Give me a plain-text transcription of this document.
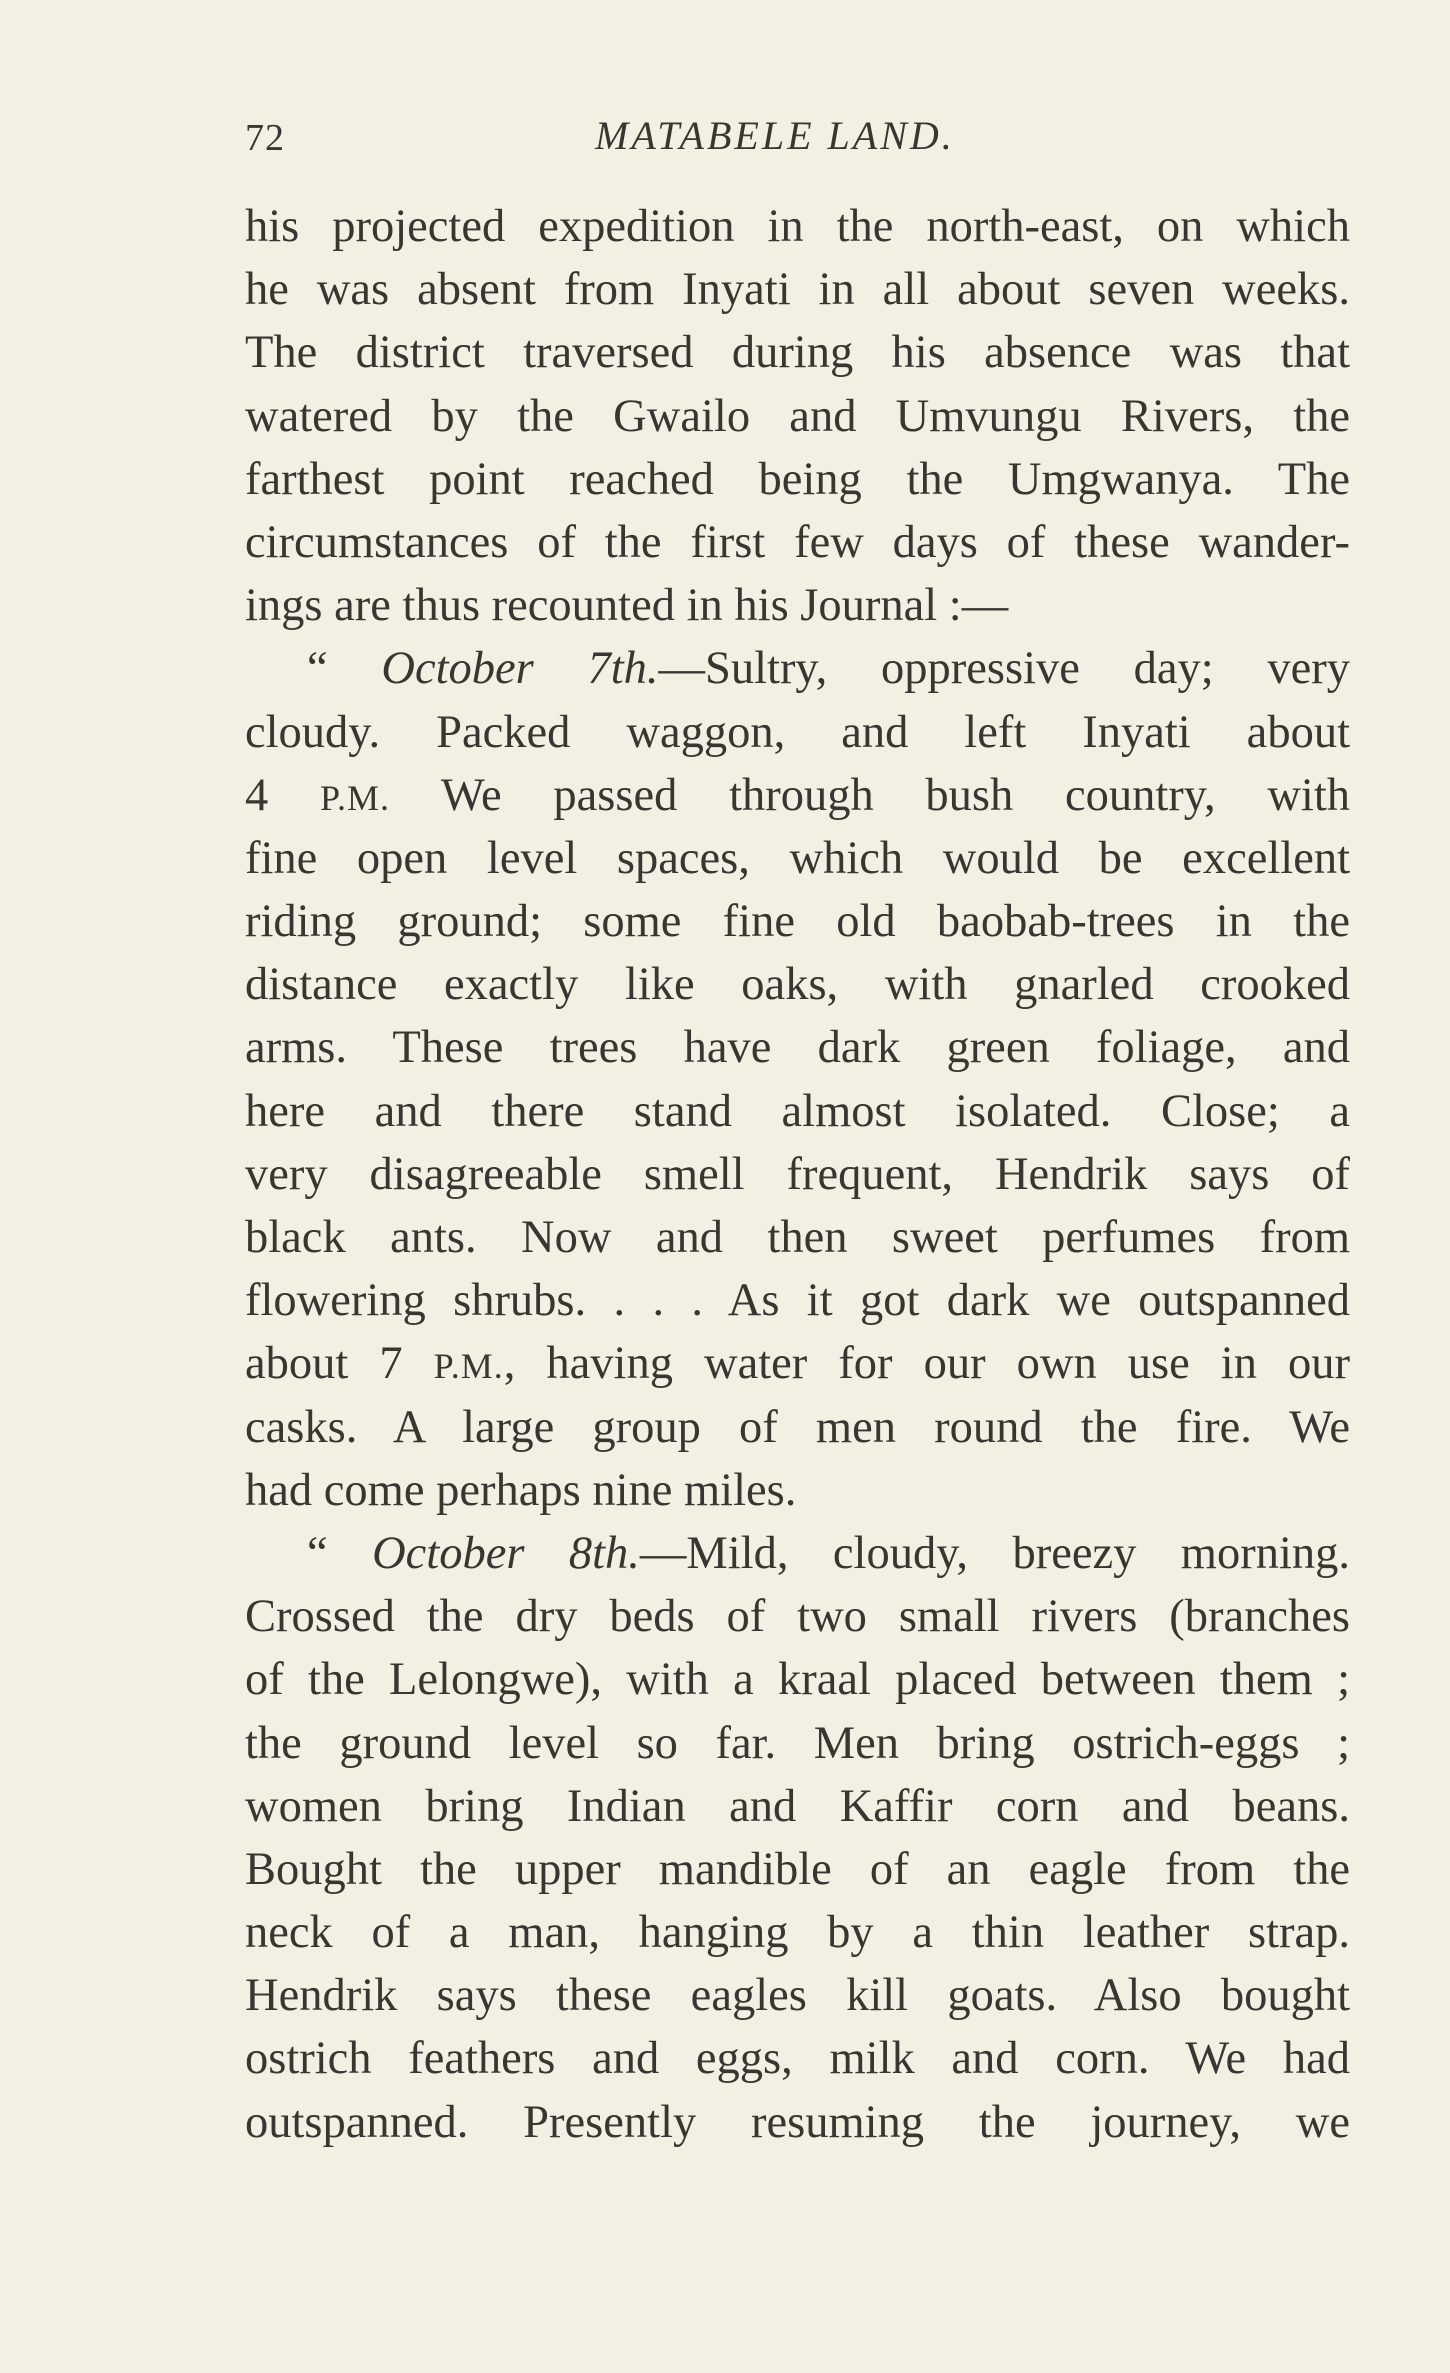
72	MATABELE LAND.
his projected expedition in the north-east, on which
he was absent from Inyati in all about seven weeks.
The district traversed during his absence was that
watered by the Gwailo and Umvungu Rivers, the
farthest point reached being the Umgwanya. The
circumstances of the first few days of these wander-
ings are thus recounted in his Journal :—
“ October 7th.—Sultry, oppressive day; very
cloudy. Packed waggon, and left Inyati about
4 P.M. We passed through bush country, with
fine open level spaces, which would be excellent
riding ground; some fine old baobab-trees in the
distance exactly like oaks, with gnarled crooked
arms. These trees have dark green foliage, and
here and there stand almost isolated. Close; a
very disagreeable smell frequent, Hendrik says of
black ants. Now and then sweet perfumes from
flowering shrubs. . . . As it got dark we outspanned
about 7 P.M., having water for our own use in our
casks. A large group of men round the fire. We
had come perhaps nine miles.
“ October 8th.—Mild, cloudy, breezy morning.
Crossed the dry beds of two small rivers (branches
of the Lelongwe), with a kraal placed between them ;
the ground level so far. Men bring ostrich-eggs ;
women bring Indian and Kaffir corn and beans.
Bought the upper mandible of an eagle from the
neck of a man, hanging by a thin leather strap.
Hendrik says these eagles kill goats. Also bought
ostrich feathers and eggs, milk and corn. We had
outspanned. Presently resuming the journey, we
